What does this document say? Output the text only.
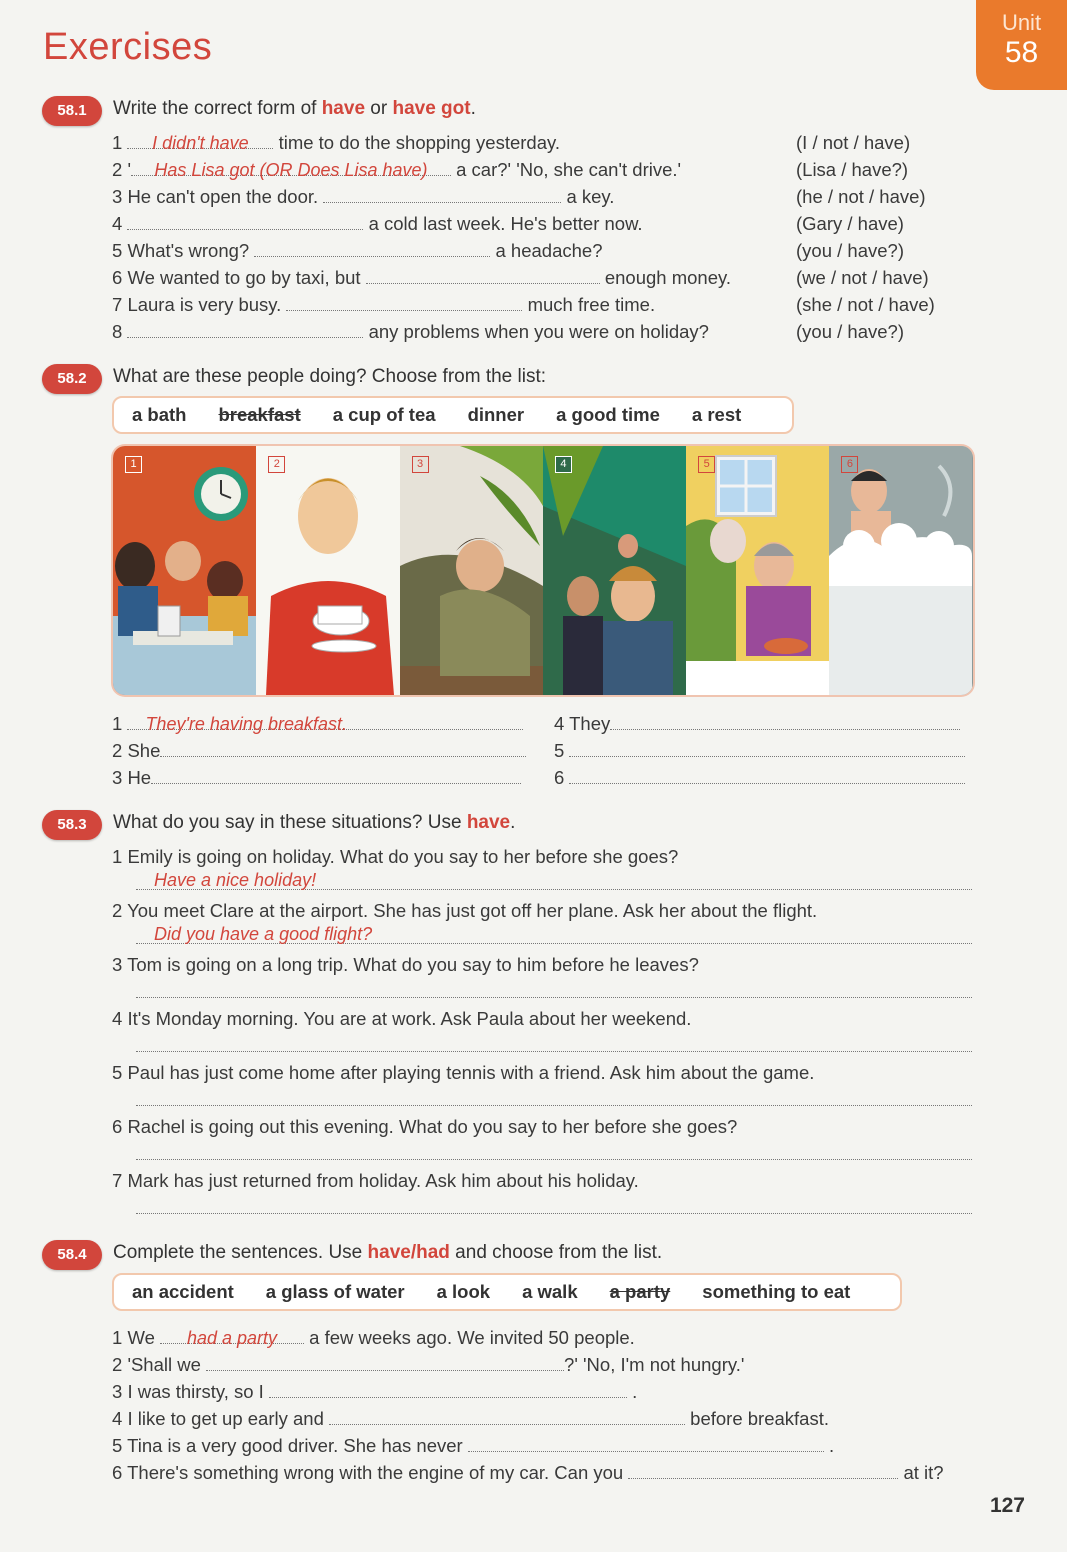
Exercises
Unit
58
58.1	Write the correct form of have or have got.
1 I didn't have time to do the shopping yesterday.	(I / not / have)
2 ' Has Lisa got (OR Does Lisa have) a car?' 'No, she can't drive.'	(Lisa / have?)
3 He can't open the door.	a key.	(he / not / have)
4	a cold last week. He's better now.	(Gary / have)
5 What's wrong?	a headache?	(you / have?)
6 We wanted to go by taxi, but	enough money.	(we / not / have)
7 Laura is very busy.	much free time.	(she / not / have)
8	any problems when you were on holiday?	(you / have?)
58.2	What are these people doing? Choose from the list:
a bath breakfast a cup of tea dinner a good time a rest
1	2	3	4	5	6
1 They're having breakfast.
2 She
3 He
4 They
5
6
58.3	What do you say in these situations? Use have.
1 Emily is going on holiday. What do you say to her before she goes?
Have a nice holiday!
2 You meet Clare at the airport. She has just got off her plane. Ask her about the flight.
Did you have a good flight?
3 Tom is going on a long trip. What do you say to him before he leaves?
4 It's Monday morning. You are at work. Ask Paula about her weekend.
5 Paul has just come home after playing tennis with a friend. Ask him about the game.
6 Rachel is going out this evening. What do you say to her before she goes?
7 Mark has just returned from holiday. Ask him about his holiday.
58.4	Complete the sentences. Use have/had and choose from the list.
an accident a glass of water a look a walk a party something to eat
1 We had a party a few weeks ago. We invited 50 people.
2 'Shall we	?' 'No, I'm not hungry.'
3 I was thirsty, so I	.
4 I like to get up early and	before breakfast.
5 Tina is a very good driver. She has never	.
6 There's something wrong with the engine of my car. Can you	at it?
127
